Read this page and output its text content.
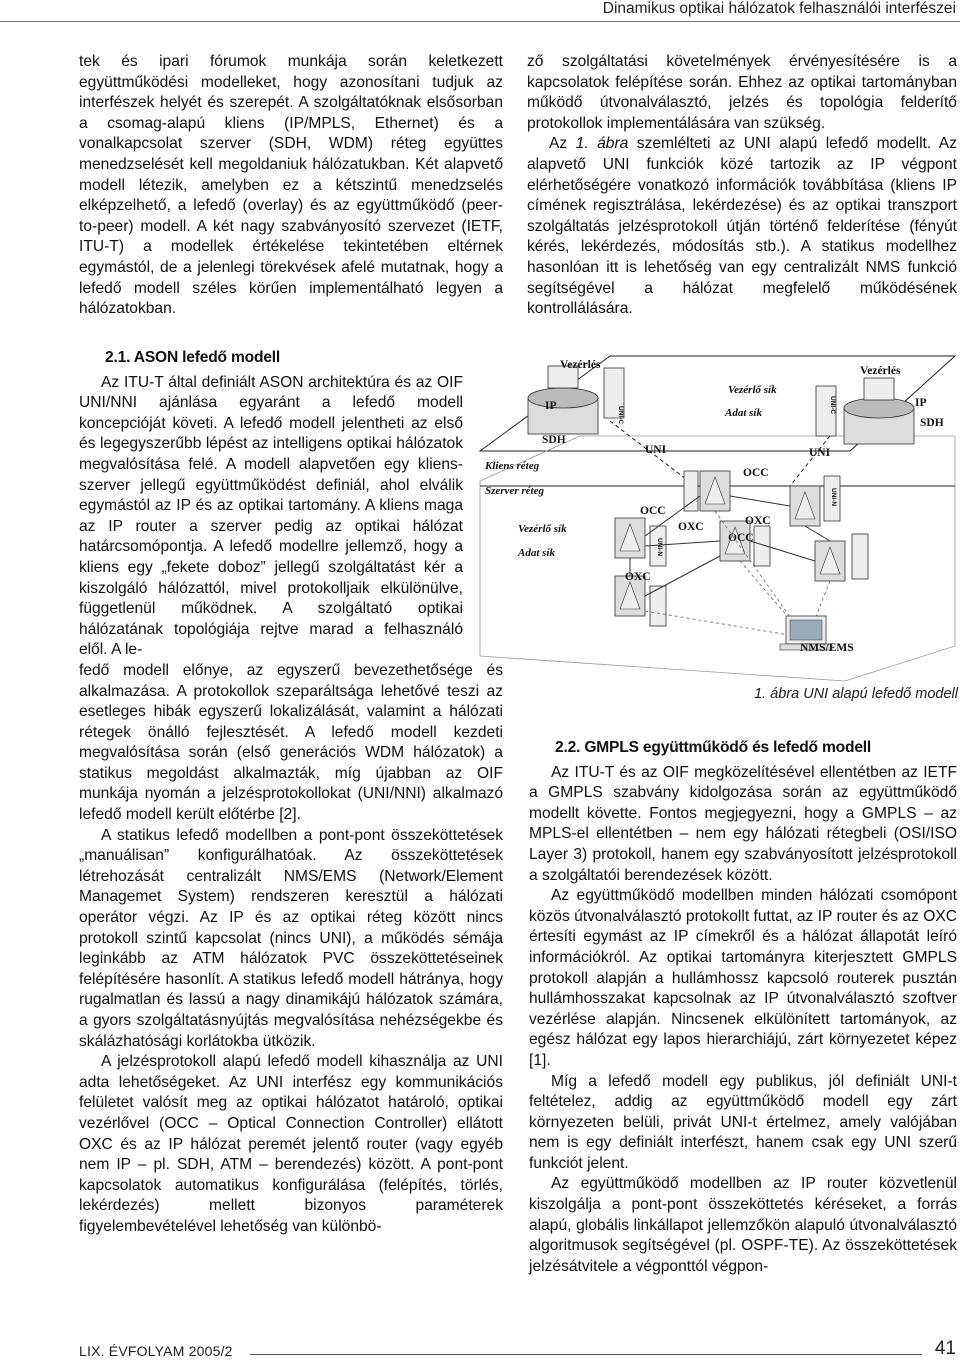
Dinamikus optikai hálózatok felhasználói interfészei

tek és ipari fórumok munkája során keletkezett együttműködési modelleket, hogy azonosítani tudjuk az interfészek helyét és szerepét. A szolgáltatóknak elsősorban a csomag-alapú kliens (IP/MPLS, Ethernet) és a vonalkapcsolat szerver (SDH, WDM) réteg együttes menedzselését kell megoldaniuk hálózatukban. Két alapvető modell létezik, amelyben ez a kétszintű menedzselés elképzelhető, a lefedő (overlay) és az együttműködő (peer-to-peer) modell. A két nagy szabványosító szervezet (IETF, ITU-T) a modellek értékelése tekintetében eltérnek egymástól, de a jelenlegi törekvések afelé mutatnak, hogy a lefedő modell széles körűen implementálható legyen a hálózatokban.

ző szolgáltatási követelmények érvényesítésére is a kapcsolatok felépítése során. Ehhez az optikai tartományban működő útvonalválasztó, jelzés és topológia felderítő protokollok implementálására van szükség.

Az 1. ábra szemlélteti az UNI alapú lefedő modellt. Az alapvető UNI funkciók közé tartozik az IP végpont elérhetőségére vonatkozó információk továbbítása (kliens IP címének regisztrálása, lekérdezése) és az optikai transzport szolgáltatás jelzésprotokoll útján történő felderítése (fényút kérés, lekérdezés, módosítás stb.). A statikus modellhez hasonlóan itt is lehetőség van egy centralizált NMS funkció segítségével a hálózat megfelelő működésének kontrollálására.

2.1. ASON lefedő modell

Az ITU-T által definiált ASON architektúra és az OIF UNI/NNI ajánlása egyaránt a lefedő modell koncepcióját követi. A lefedő modell jelentheti az első és legegyszerűbb lépést az intelligens optikai hálózatok megvalósítása felé. A modell alapvetően egy kliens-szerver jellegű együttműködést definiál, ahol elválik egymástól az IP és az optikai tartomány. A kliens maga az IP router a szerver pedig az optikai hálózat határcsomópontja. A lefedő modellre jellemző, hogy a kliens egy „fekete doboz” jellegű szolgáltatást kér a kiszolgáló hálózattól, mivel protokolljaik elkülönülve, függetlenül működnek. A szolgáltató optikai hálózatának topológiája rejtve marad a felhasználó elől. A le-

fedő modell előnye, az egyszerű bevezethetősége és alkalmazása. A protokollok szeparáltsága lehetővé teszi az esetleges hibák egyszerű lokalizálását, valamint a hálózati rétegek önálló fejlesztését. A lefedő modell kezdeti megvalósítása során (első generációs WDM hálózatok) a statikus megoldást alkalmazták, míg újabban az OIF munkája nyomán a jelzésprotokollokat (UNI/NNI) alkalmazó lefedő modell került előtérbe [2].

A statikus lefedő modellben a pont-pont összeköttetések „manuálisan” konfigurálhatóak. Az összeköttetések létrehozását centralizált NMS/EMS (Network/Element Managemet System) rendszeren keresztül a hálózati operátor végzi. Az IP és az optikai réteg között nincs protokoll szintű kapcsolat (nincs UNI), a működés sémája leginkább az ATM hálózatok PVC összeköttetéseinek felépítésére hasonlít. A statikus lefedő modell hátránya, hogy rugalmatlan és lassú a nagy dinamikájú hálózatok számára, a gyors szolgáltatásnyújtás megvalósítása nehézségekbe és skálázhatósági korlátokba ütközik.

A jelzésprotokoll alapú lefedő modell kihasználja az UNI adta lehetőségeket. Az UNI interfész egy kommunikációs felületet valósít meg az optikai hálózatot határoló, optikai vezérlővel (OCC – Optical Connection Controller) ellátott OXC és az IP hálózat peremét jelentő router (vagy egyéb nem IP – pl. SDH, ATM – berendezés) között. A pont-pont kapcsolatok automatikus konfigurálása (felépítés, törlés, lekérdezés) mellett bizonyos paraméterek figyelembevételével lehetőség van különbö-

Vezérlés	Vezérlés
IP	IP
SDH
SDH
UNI	UNI
UNI-C
UNI-C
Vezérlő sík
Adat sík
Kliens réteg
Szerver réteg
Vezérlő sík
Adat sík
OCC
OCC
OXC	OXC
OCC
OXC
NMS/EMS
UNI-N
UNI-N
1. ábra UNI alapú lefedő modell
2.2. GMPLS együttműködő és lefedő modell

Az ITU-T és az OIF megközelítésével ellentétben az IETF a GMPLS szabvány kidolgozása során az együttműködő modellt követte. Fontos megjegyezni, hogy a GMPLS – az MPLS-el ellentétben – nem egy hálózati rétegbeli (OSI/ISO Layer 3) protokoll, hanem egy szabványosított jelzésprotokoll a szolgáltatói berendezések között.

Az együttműködő modellben minden hálózati csomópont közös útvonalválasztó protokollt futtat, az IP router és az OXC értesíti egymást az IP címekről és a hálózat állapotát leíró információkról. Az optikai tartományra kiterjesztett GMPLS protokoll alapján a hullámhossz kapcsoló routerek pusztán hullámhosszakat kapcsolnak az IP útvonalválasztó szoftver vezérlése alapján. Nincsenek elkülönített tartományok, az egész hálózat egy lapos hierarchiájú, zárt környezetet képez [1].

Míg a lefedő modell egy publikus, jól definiált UNI-t feltételez, addig az együttműködő modell egy zárt környezeten belüli, privát UNI-t értelmez, amely valójában nem is egy definiált interfészt, hanem csak egy UNI szerű funkciót jelent.

Az együttműködő modellben az IP router közvetlenül kiszolgálja a pont-pont összeköttetés kéréseket, a forrás alapú, globális linkállapot jellemzőkön alapuló útvonalválasztó algoritmusok segítségével (pl. OSPF-TE). Az összeköttetések jelzésátvitele a végponttól végpon-

LIX. ÉVFOLYAM 2005/2	41
